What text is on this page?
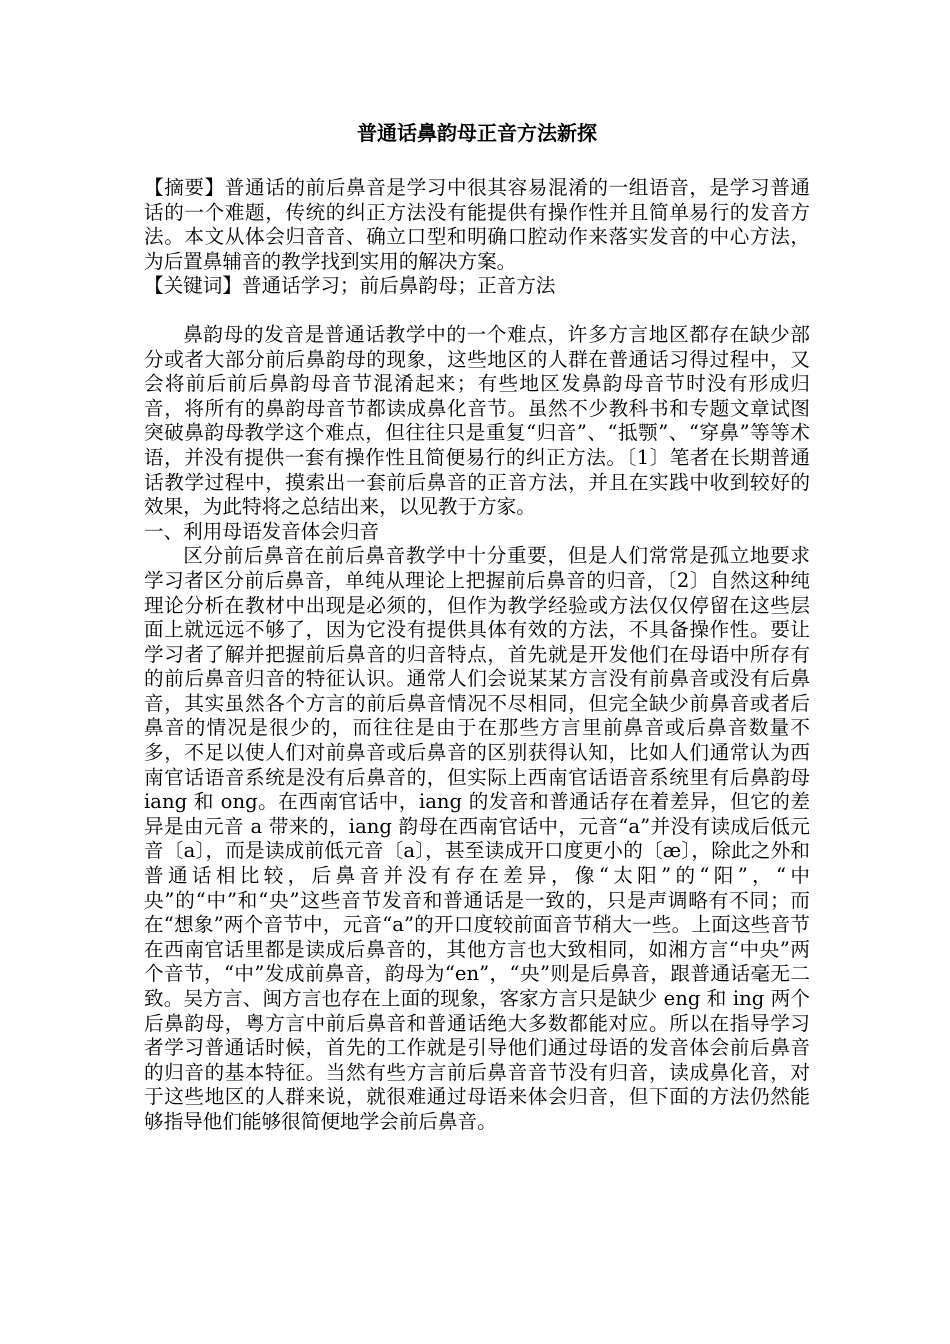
普通话鼻韵母正音方法新探

【摘要】普通话的前后鼻音是学习中很其容易混淆的一组语音，是学习普通话的一个难题，传统的纠正方法没有能提供有操作性并且简单易行的发音方法。本文从体会归音音、确立口型和明确口腔动作来落实发音的中心方法，为后置鼻辅音的教学找到实用的解决方案。

【关键词】普通话学习；前后鼻韵母；正音方法

鼻韵母的发音是普通话教学中的一个难点，许多方言地区都存在缺少部分或者大部分前后鼻韵母的现象，这些地区的人群在普通话习得过程中，又会将前后前后鼻韵母音节混淆起来；有些地区发鼻韵母音节时没有形成归音，将所有的鼻韵母音节都读成鼻化音节。虽然不少教科书和专题文章试图突破鼻韵母教学这个难点，但往往只是重复“归音”、“抵颚”、“穿鼻”等等术语，并没有提供一套有操作性且简便易行的纠正方法。〔1〕笔者在长期普通话教学过程中，摸索出一套前后鼻音的正音方法，并且在实践中收到较好的效果，为此特将之总结出来，以见教于方家。

一、利用母语发音体会归音

区分前后鼻音在前后鼻音教学中十分重要，但是人们常常是孤立地要求学习者区分前后鼻音，单纯从理论上把握前后鼻音的归音，〔2〕自然这种纯理论分析在教材中出现是必须的，但作为教学经验或方法仅仅停留在这些层面上就远远不够了，因为它没有提供具体有效的方法，不具备操作性。要让学习者了解并把握前后鼻音的归音特点，首先就是开发他们在母语中所存有的前后鼻音归音的特征认识。通常人们会说某某方言没有前鼻音或没有后鼻音，其实虽然各个方言的前后鼻音情况不尽相同，但完全缺少前鼻音或者后鼻音的情况是很少的，而往往是由于在那些方言里前鼻音或后鼻音数量不多，不足以使人们对前鼻音或后鼻音的区别获得认知，比如人们通常认为西南官话语音系统是没有后鼻音的，但实际上西南官话语音系统里有后鼻韵母 iang 和 ong。在西南官话中，iang 的发音和普通话存在着差异，但它的差异是由元音 a 带来的，iang 韵母在西南官话中，元音“a”并没有读成后低元音〔a〕，而是读成前低元音〔a〕，甚至读成开口度更小的〔æ〕，除此之外和普通话相比较，后鼻音并没有存在差异，像“太阳”的“阳”，“中央”的“中”和“央”这些音节发音和普通话是一致的，只是声调略有不同；而在“想象”两个音节中，元音“a”的开口度较前面音节稍大一些。上面这些音节在西南官话里都是读成后鼻音的，其他方言也大致相同，如湘方言“中央”两个音节，“中”发成前鼻音，韵母为“en”，“央”则是后鼻音，跟普通话毫无二致。吴方言、闽方言也存在上面的现象，客家方言只是缺少 eng 和 ing 两个后鼻韵母，粤方言中前后鼻音和普通话绝大多数都能对应。所以在指导学习者学习普通话时候，首先的工作就是引导他们通过母语的发音体会前后鼻音的归音的基本特征。当然有些方言前后鼻音音节没有归音，读成鼻化音，对于这些地区的人群来说，就很难通过母语来体会归音，但下面的方法仍然能够指导他们能够很简便地学会前后鼻音。
